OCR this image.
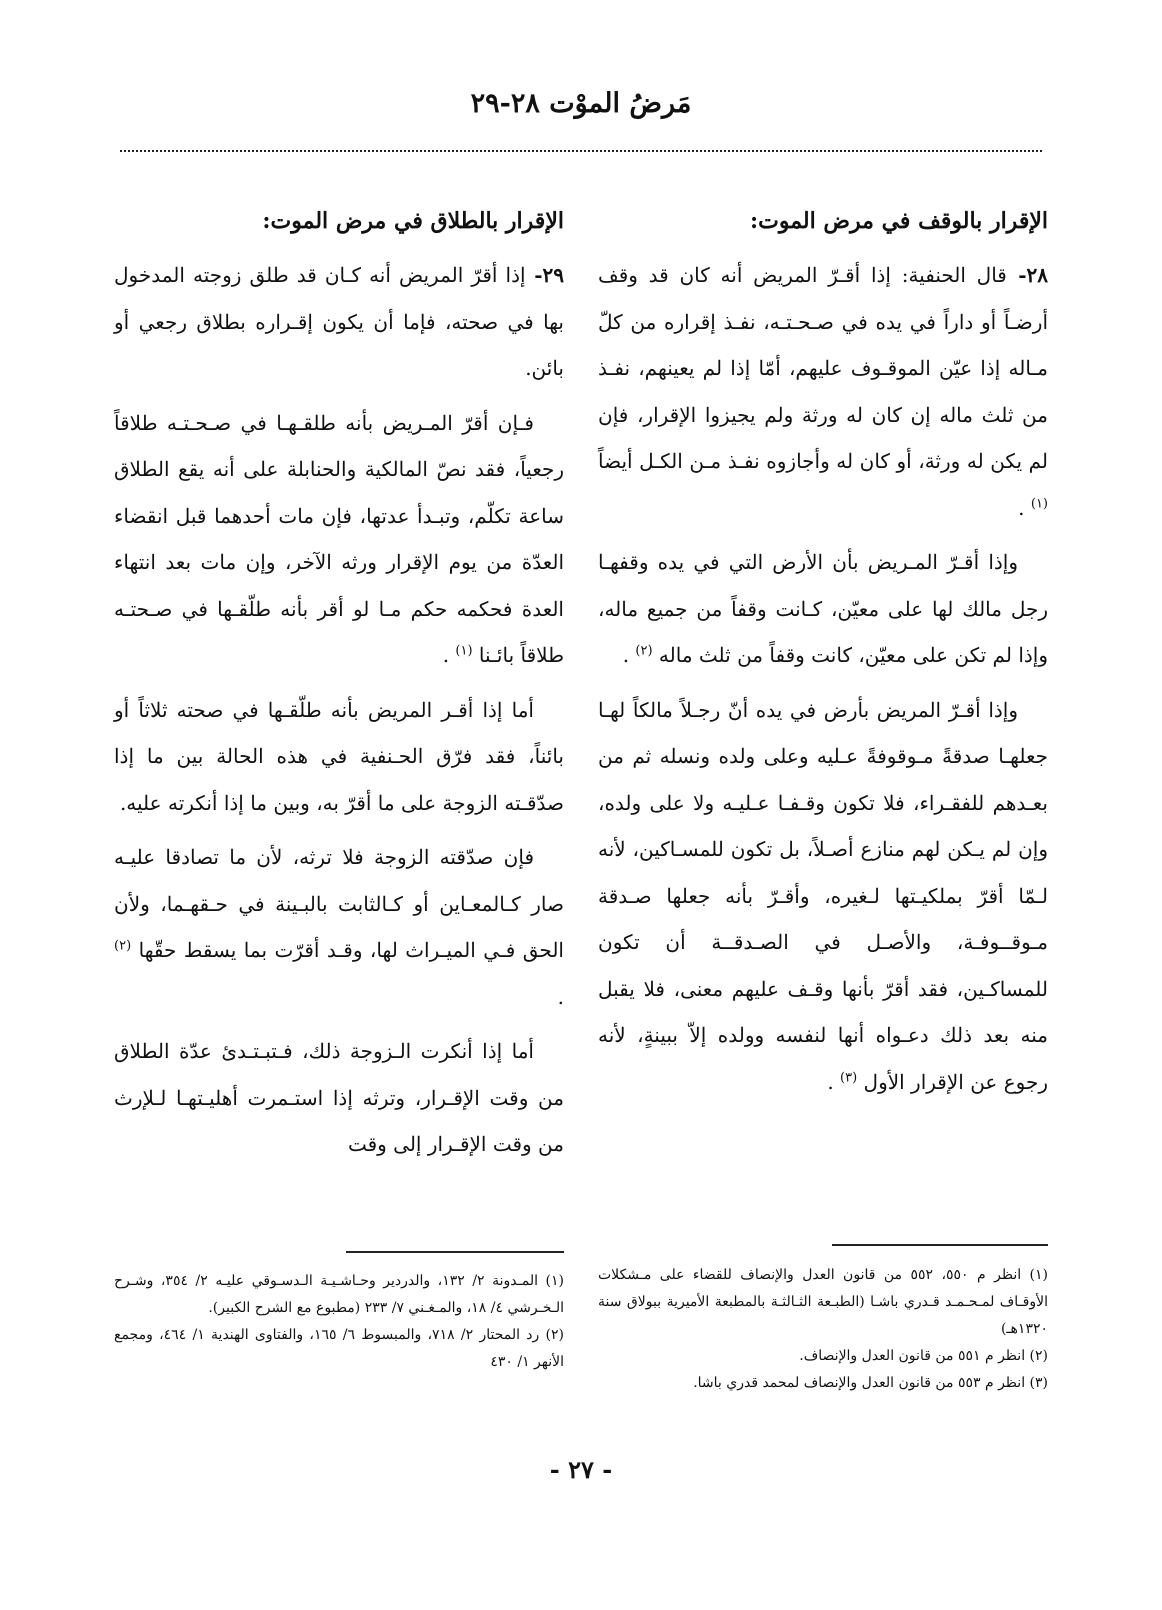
مَرضُ الموْت ٢٨-٢٩
الإقرار بالوقف في مرض الموت:

٢٨- قال الحنفية: إذا أقـرّ المريض أنه كان قد وقف أرضـاً أو داراً في يده في صـحـتـه، نفـذ إقراره من كلّ مـاله إذا عيّن الموقـوف عليهم، أمّا إذا لم يعينهم، نفـذ من ثلث ماله إن كان له ورثة ولم يجيزوا الإقرار، فإن لم يكن له ورثة، أو كان له وأجازوه نفـذ مـن الكـل أيضاً $^{(١)}$ .

وإذا أقـرّ المـريض بأن الأرض التي في يده وقفهـا رجل مالك لها على معيّن، كـانت وقفاً من جميع ماله، وإذا لم تكن على معيّن، كانت وقفاً من ثلث ماله $^{(٢)}$ .

وإذا أقـرّ المريض بأرض في يده أنّ رجـلاً مالكاً لهـا جعلهـا صدقةً مـوقوفةً عـليه وعلى ولده ونسله ثم من بعـدهم للفقـراء، فلا تكون وقـفـا عـليـه ولا على ولده، وإن لم يـكن لهم منازع أصـلاً، بل تكون للمسـاكين، لأنه لـمّا أقرّ بملكيـتها لـغيره، وأقـرّ بأنه جعلها صـدقة مـوقــوفـة، والأصـل في الصـدقــة أن تكون للمساكـين، فقد أقرّ بأنها وقـف عليهم معنى، فلا يقبل منه بعد ذلك دعـواه أنها لنفسه وولده إلاّ ببينةٍ، لأنه رجوع عن الإقرار الأول $^{(٣)}$ .

الإقرار بالطلاق في مرض الموت:

٢٩- إذا أقرّ المريض أنه كـان قد طلق زوجته المدخول بها في صحته، فإما أن يكون إقـراره بطلاق رجعي أو بائن.

فـإن أقرّ المـريض بأنه طلقـهـا في صـحـتـه طلاقاً رجعياً، فقد نصّ المالكية والحنابلة على أنه يقع الطلاق ساعة تكلّم، وتبـدأ عدتها، فإن مات أحدهما قبل انقضاء العدّة من يوم الإقرار ورثه الآخر، وإن مات بعد انتهاء العدة فحكمه حكم مـا لو أقر بأنه طلّقـها في صـحتـه طلاقاً بائـنا $^{(١)}$ .

أما إذا أقـر المريض بأنه طلّقـها في صحته ثلاثاً أو بائناً، فقد فرّق الحـنفية في هذه الحالة بين ما إذا صدّقـته الزوجة على ما أقرّ به، وبين ما إذا أنكرته عليه.

فإن صدّقته الزوجة فلا ترثه، لأن ما تصادقا عليـه صار كـالمعـاين أو كـالثابت بالبـينة في حـقهـما، ولأن الحق فـي الميـراث لها، وقـد أقرّت بما يسقط حقّها $^{(٢)}$ .

أما إذا أنكرت الـزوجة ذلك، فـتبـتـدئ عدّة الطلاق من وقت الإقـرار، وترثه إذا استـمرت أهليـتهـا لـلإرث من وقت الإقـرار إلى وقت

(١) انظر م ٥٥٠، ٥٥٢ من قانون العدل والإنصاف للقضاء على مـشكلات الأوقـاف لمـحـمـد قـدري باشـا (الطبـعة الثـالثـة بالمطبعة الأميرية ببولاق سنة ١٣٢٠هـ)
(٢) انظر م ٥٥١ من قانون العدل والإنصاف.
(٣) انظر م ٥٥٣ من قانون العدل والإنصاف لمحمد قدري باشا.
(١) المـدونة ٢/ ١٣٢، والدردير وحـاشـيـة الـدسـوقي عليـه ٢/ ٣٥٤، وشـرح الـخـرشي ٤/ ١٨، والمـغـني ٧/ ٢٣٣ (مطبوع مع الشرح الكبير).
(٢) رد المحتار ٢/ ٧١٨، والمبسوط ٦/ ١٦٥، والفتاوى الهندية ١/ ٤٦٤، ومجمع الأنهر ١/ ٤٣٠
- ٢٧ -
